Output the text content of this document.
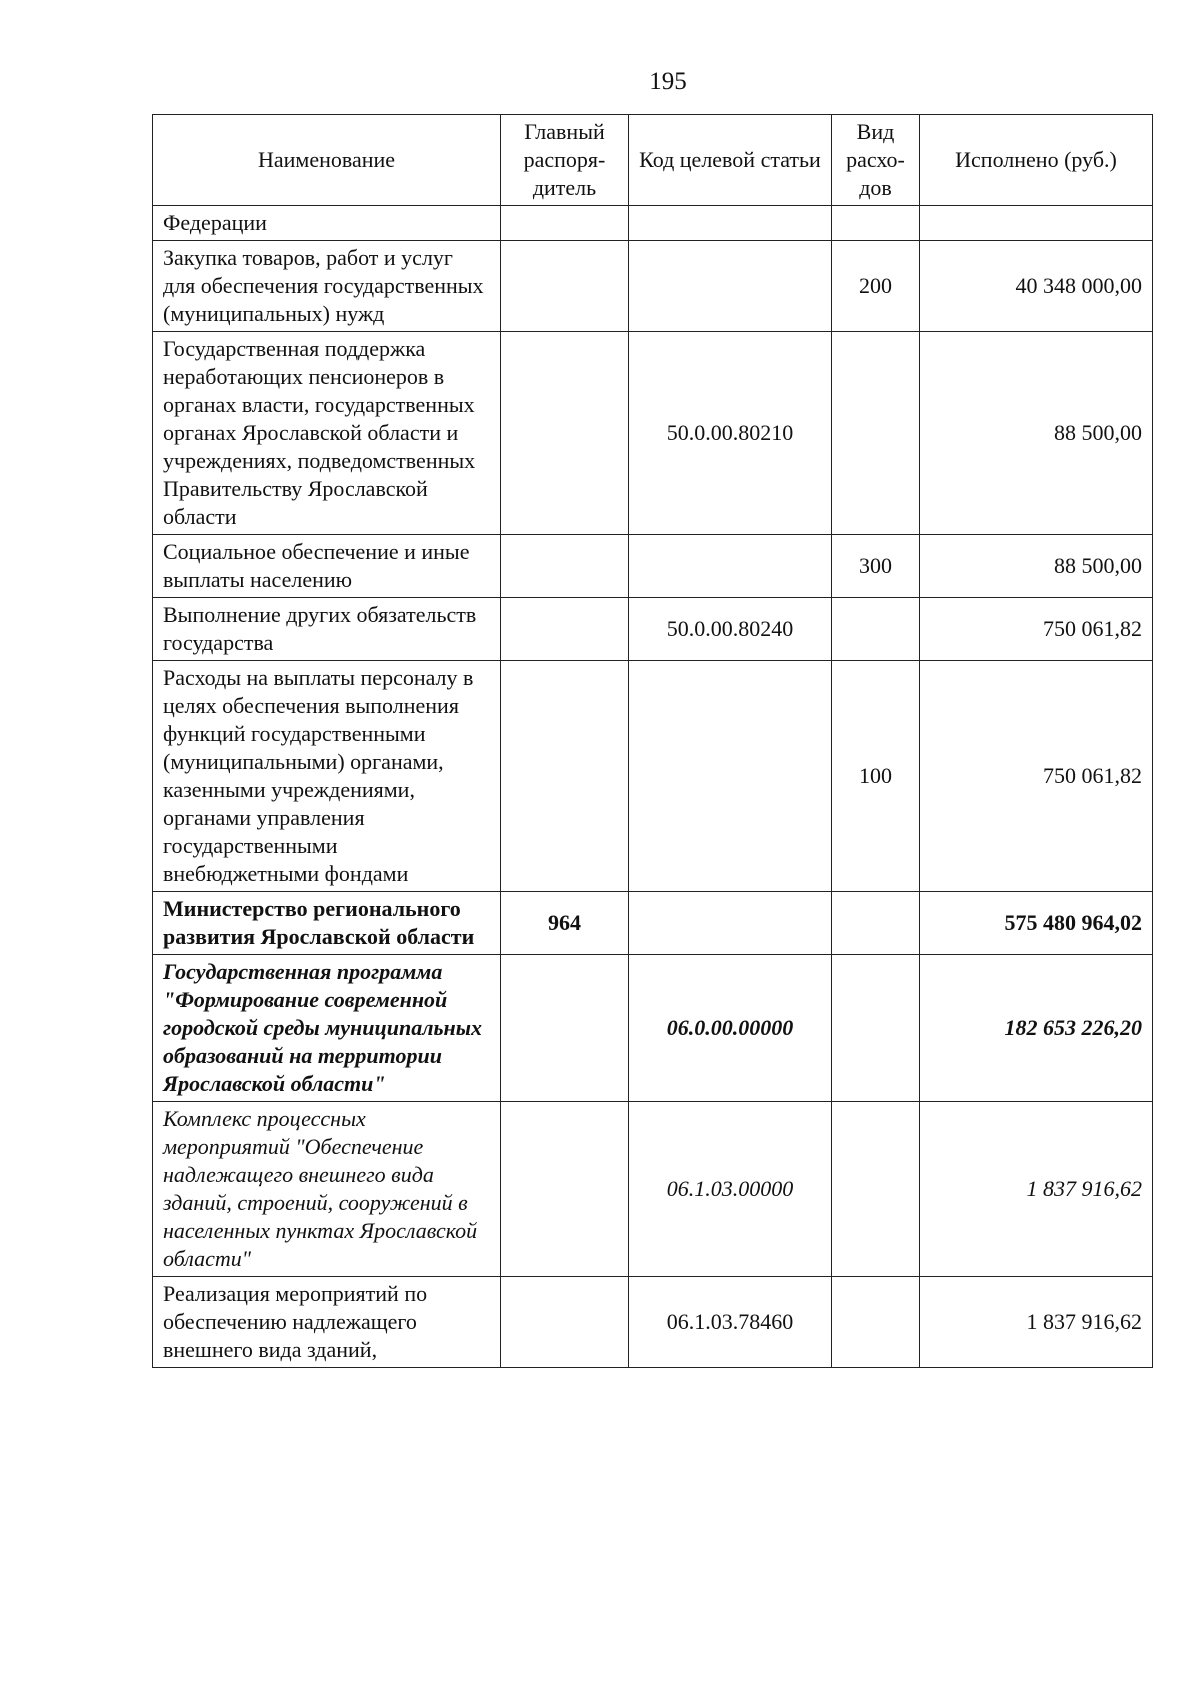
195
Наименование	Главный распоря-дитель	Код целевой статьи	Вид расхо-дов	Исполнено (руб.)
Федерации				
Закупка товаров, работ и услуг для обеспечения государственных (муниципальных) нужд			200	40 348 000,00
Государственная поддержка неработающих пенсионеров в органах власти, государственных органах Ярославской области и учреждениях, подведомственных Правительству Ярославской области		50.0.00.80210		88 500,00
Социальное обеспечение и иные выплаты населению			300	88 500,00
Выполнение других обязательств государства		50.0.00.80240		750 061,82
Расходы на выплаты персоналу в целях обеспечения выполнения функций государственными (муниципальными) органами, казенными учреждениями, органами управления государственными внебюджетными фондами			100	750 061,82
Министерство регионального развития Ярославской области	964			575 480 964,02
Государственная программа "Формирование современной городской среды муниципальных образований на территории Ярославской области"		06.0.00.00000		182 653 226,20
Комплекс процессных мероприятий "Обеспечение надлежащего внешнего вида зданий, строений, сооружений в населенных пунктах Ярославской области"		06.1.03.00000		1 837 916,62
Реализация мероприятий по обеспечению надлежащего внешнего вида зданий,		06.1.03.78460		1 837 916,62
